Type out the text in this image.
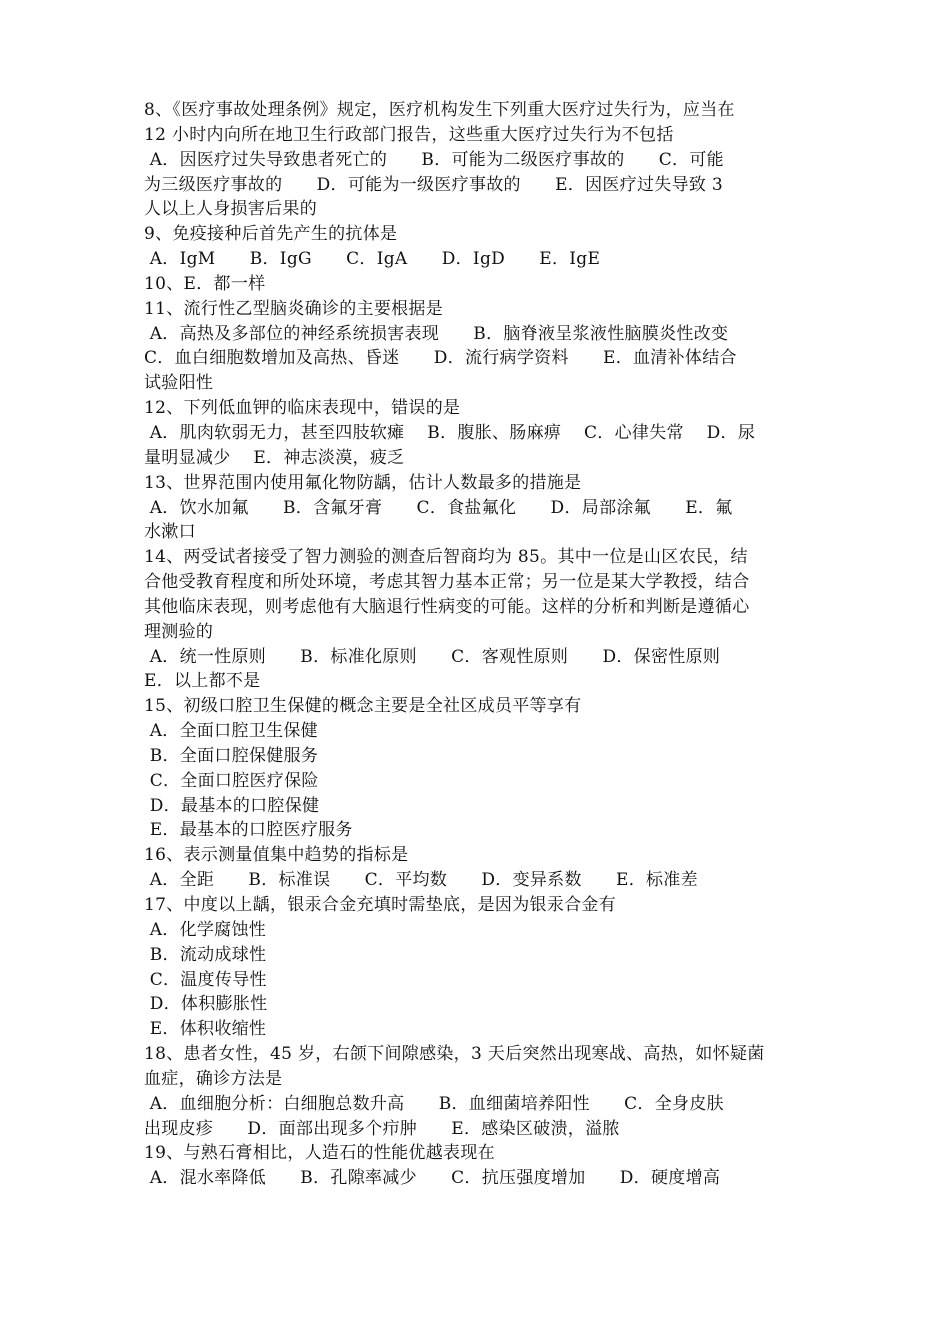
8、《医疗事故处理条例》规定，医疗机构发生下列重大医疗过失行为，应当在
12 小时内向所在地卫生行政部门报告，这些重大医疗过失行为不包括
A．因医疗过失导致患者死亡的      B．可能为二级医疗事故的      C．可能
为三级医疗事故的      D．可能为一级医疗事故的      E．因医疗过失导致 3
人以上人身损害后果的
9、免疫接种后首先产生的抗体是
A．IgM      B．IgG      C．IgA      D．IgD      E．IgE
10、E．都一样
11、流行性乙型脑炎确诊的主要根据是
A．高热及多部位的神经系统损害表现      B．脑脊液呈浆液性脑膜炎性改变
C．血白细胞数增加及高热、昏迷      D．流行病学资料      E．血清补体结合
试验阳性
12、下列低血钾的临床表现中，错误的是
A．肌肉软弱无力，甚至四肢软瘫    B．腹胀、肠麻痹    C．心律失常    D．尿
量明显减少    E．神志淡漠，疲乏
13、世界范围内使用氟化物防龋，估计人数最多的措施是
A．饮水加氟      B．含氟牙膏      C．食盐氟化      D．局部涂氟      E．氟
水漱口
14、两受试者接受了智力测验的测查后智商均为 85。其中一位是山区农民，结
合他受教育程度和所处环境，考虑其智力基本正常；另一位是某大学教授，结合
其他临床表现，则考虑他有大脑退行性病变的可能。这样的分析和判断是遵循心
理测验的
A．统一性原则      B．标准化原则      C．客观性原则      D．保密性原则
E．以上都不是
15、初级口腔卫生保健的概念主要是全社区成员平等享有
A．全面口腔卫生保健
B．全面口腔保健服务
C．全面口腔医疗保险
D．最基本的口腔保健
E．最基本的口腔医疗服务
16、表示测量值集中趋势的指标是
A．全距      B．标准误      C．平均数      D．变异系数      E．标准差
17、中度以上龋，银汞合金充填时需垫底，是因为银汞合金有
A．化学腐蚀性
B．流动成球性
C．温度传导性
D．体积膨胀性
E．体积收缩性
18、患者女性，45 岁，右颌下间隙感染，3 天后突然出现寒战、高热，如怀疑菌
血症，确诊方法是
A．血细胞分析：白细胞总数升高      B．血细菌培养阳性      C．全身皮肤
出现皮疹      D．面部出现多个疖肿      E．感染区破溃，溢脓
19、与熟石膏相比，人造石的性能优越表现在
A．混水率降低      B．孔隙率减少      C．抗压强度增加      D．硬度增高
